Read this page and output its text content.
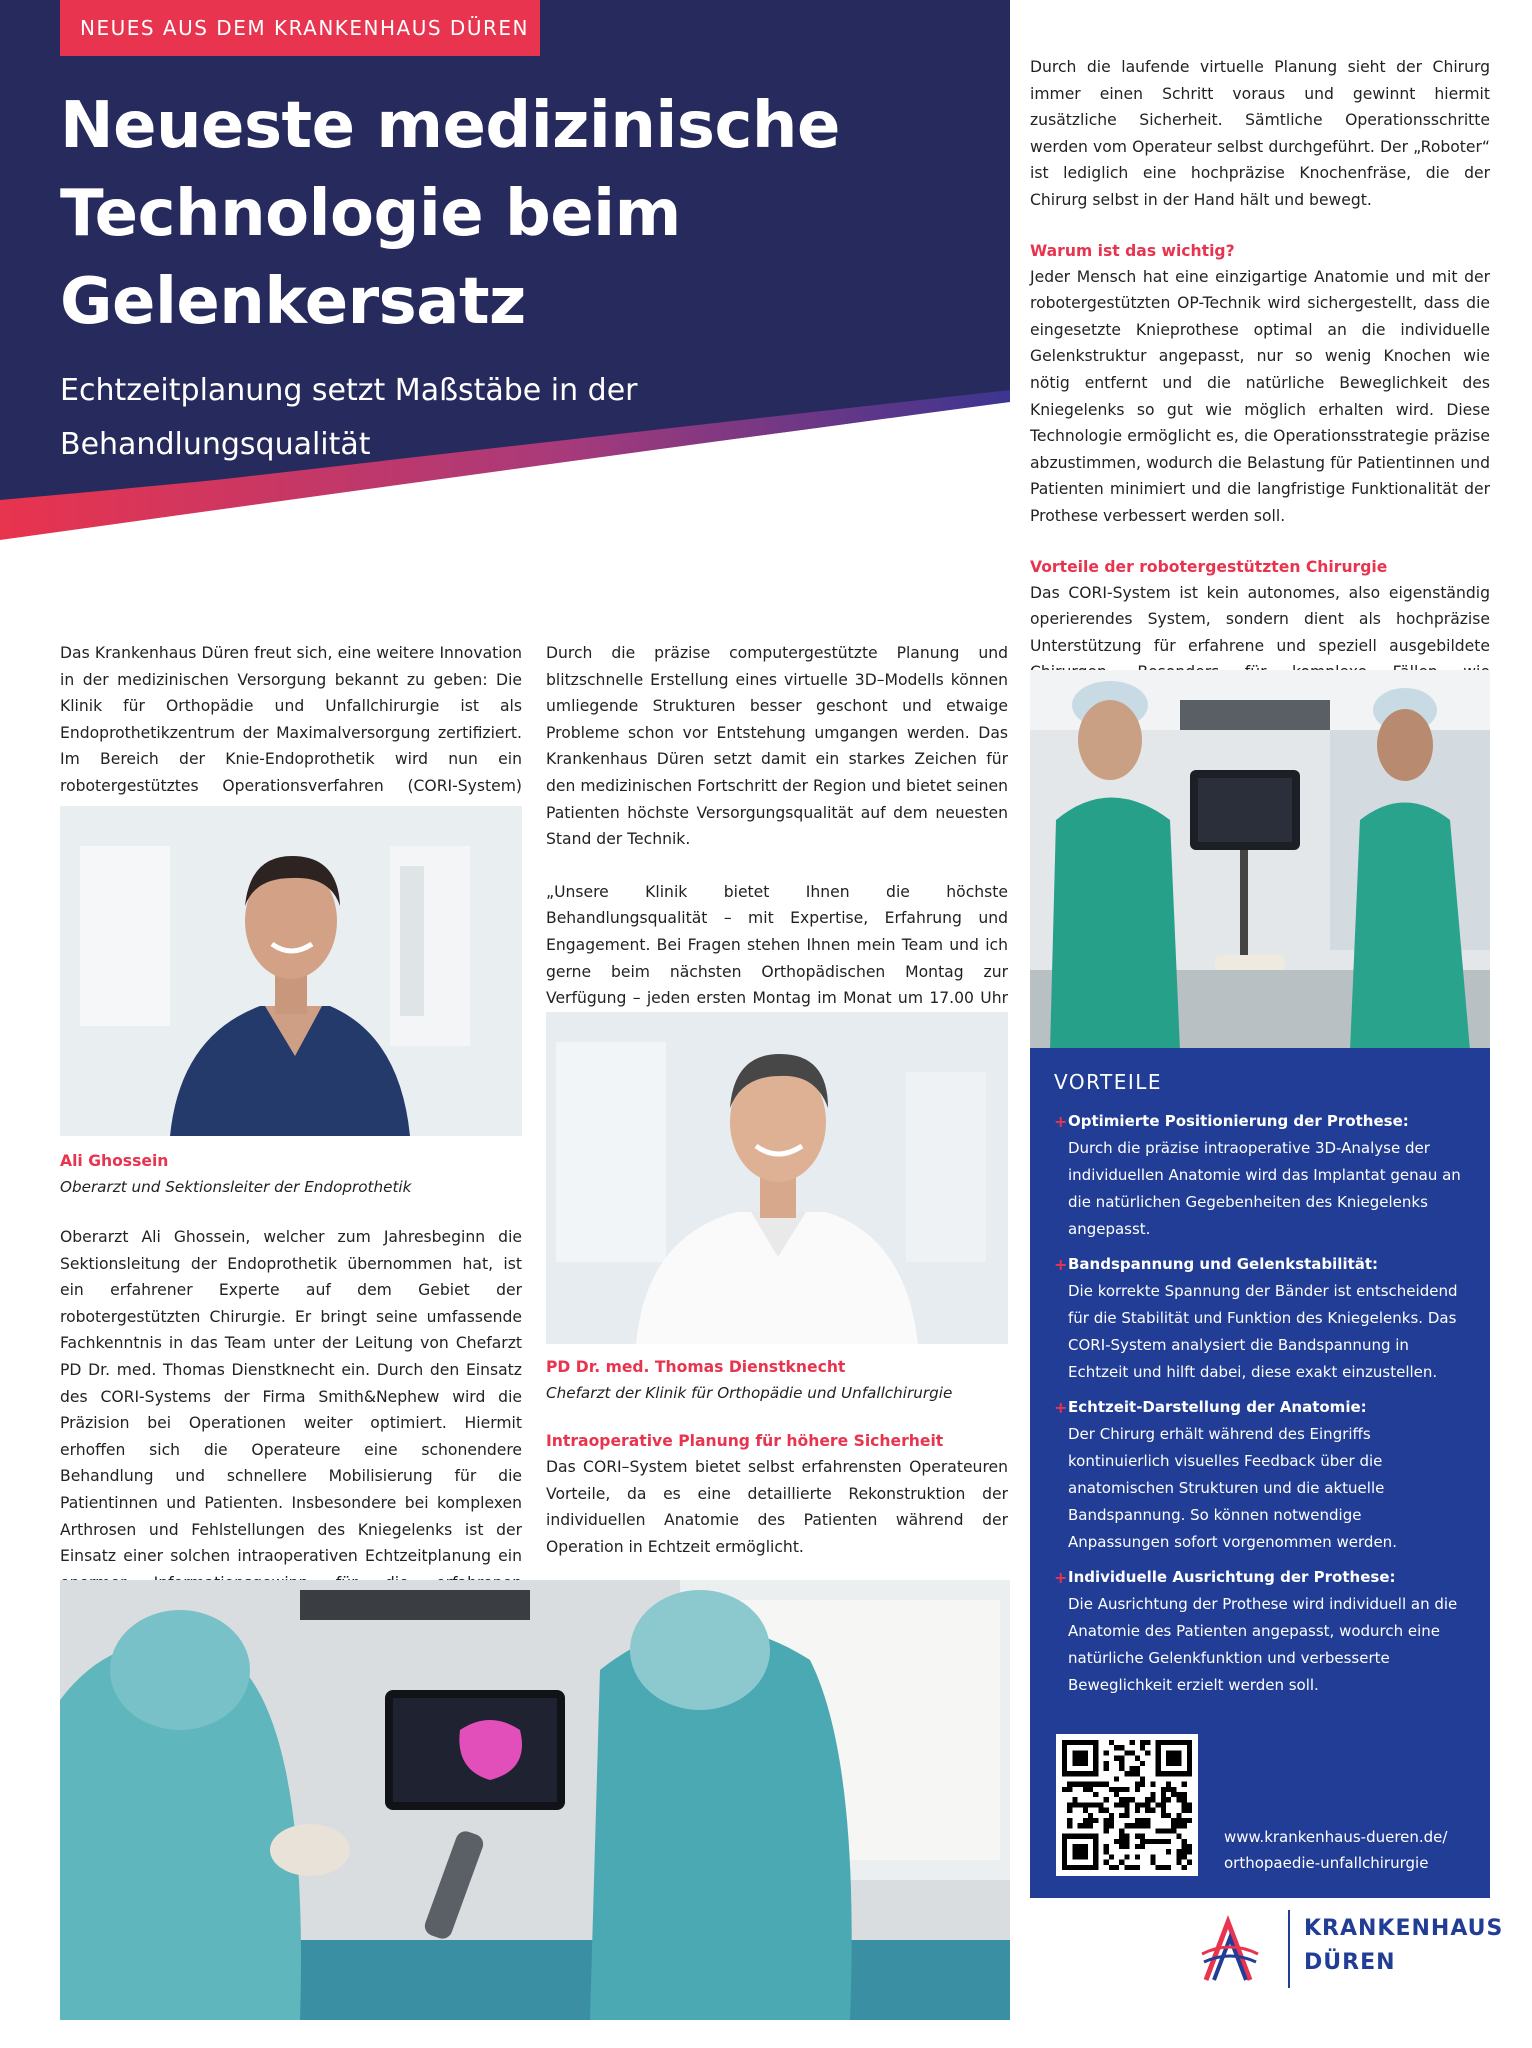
NEUES AUS DEM KRANKENHAUS DÜREN
Neueste medizinische
Technologie beim
Gelenkersatz
Echtzeitplanung setzt Maßstäbe in der
Behandlungsqualität

Das Krankenhaus Düren freut sich, eine weitere Innovation in der medizinischen Versorgung bekannt zu geben: Die Klinik für Orthopädie und Unfallchirurgie ist als Endoprothetikzentrum der Maximalversorgung zertifiziert. Im Bereich der Knie-Endoprothetik wird nun ein robotergestütztes Operationsverfahren (CORI-System)

Ali Ghossein
Oberarzt und Sektionsleiter der Endoprothetik

Oberarzt Ali Ghossein, welcher zum Jahresbeginn die Sektionsleitung der Endoprothetik übernommen hat, ist ein erfahrener Experte auf dem Gebiet der robotergestützten Chirurgie. Er bringt seine umfassende Fachkenntnis in das Team unter der Leitung von Chefarzt PD Dr. med. Thomas Dienstknecht ein. Durch den Einsatz des CORI-Systems der Firma Smith&Nephew wird die Präzision bei Operationen weiter optimiert. Hiermit erhoffen sich die Operateure eine schonendere Behandlung und schnellere Mobilisierung für die Patientinnen und Patienten. Insbesondere bei komplexen Arthrosen und Fehlstellungen des Kniegelenks ist der Einsatz einer solchen intraoperativen Echtzeitplanung ein

Durch die präzise computergestützte Planung und blitzschnelle Erstellung eines virtuelle 3D–Modells können umliegende Strukturen besser geschont und etwaige Probleme schon vor Entstehung umgangen werden. Das Krankenhaus Düren setzt damit ein starkes Zeichen für den medizinischen Fortschritt der Region und bietet seinen Patienten höchste Versorgungsqualität auf dem neuesten Stand der Technik.

„Unsere Klinik bietet Ihnen die höchste Behandlungsqualität – mit Expertise, Erfahrung und Engagement. Bei Fragen stehen Ihnen mein Team und ich gerne beim nächsten Orthopädischen Montag zur Verfügung – jeden ersten Montag im Monat um 17.00 Uhr

PD Dr. med. Thomas Dienstknecht
Chefarzt der Klinik für Orthopädie und Unfallchirurgie
Intraoperative Planung für höhere Sicherheit

Das CORI–System bietet selbst erfahrensten Operateuren Vorteile, da es eine detaillierte Rekonstruktion der individuellen Anatomie des Patienten während der Operation in Echtzeit ermöglicht.

Durch die laufende virtuelle Planung sieht der Chirurg immer einen Schritt voraus und gewinnt hiermit zusätzliche Sicherheit. Sämtliche Operationsschritte werden vom Operateur selbst durchgeführt. Der „Roboter“ ist lediglich eine hochpräzise Knochenfräse, die der Chirurg selbst in der Hand hält und bewegt.

Warum ist das wichtig?

Jeder Mensch hat eine einzigartige Anatomie und mit der robotergestützten OP-Technik wird sichergestellt, dass die eingesetzte Knieprothese optimal an die individuelle Gelenkstruktur angepasst, nur so wenig Knochen wie nötig entfernt und die natürliche Beweglichkeit des Kniegelenks so gut wie möglich erhalten wird. Diese Technologie ermöglicht es, die Operationsstrategie präzise abzustimmen, wodurch die Belastung für Patientinnen und Patienten minimiert und die langfristige Funktionalität der Prothese verbessert werden soll.

Vorteile der robotergestützten Chirurgie

Das CORI-System ist kein autonomes, also eigenständig operierendes System, sondern dient als hochpräzise Unterstützung für erfahrene und speziell ausgebildete

VORTEILE
+ Optimierte Positionierung der Prothese:
Durch die präzise intraoperative 3D-Analyse der individuellen Anatomie wird das Implantat genau an die natürlichen Gegebenheiten des Kniegelenks angepasst.
+ Bandspannung und Gelenkstabilität:
Die korrekte Spannung der Bänder ist entscheidend für die Stabilität und Funktion des Kniegelenks. Das CORI-System analysiert die Bandspannung in Echtzeit und hilft dabei, diese exakt einzustellen.
+ Echtzeit-Darstellung der Anatomie:
Der Chirurg erhält während des Eingriffs kontinuierlich visuelles Feedback über die anatomischen Strukturen und die aktuelle Bandspannung. So können notwendige Anpassungen sofort vorgenommen werden.
+ Individuelle Ausrichtung der Prothese:
Die Ausrichtung der Prothese wird individuell an die Anatomie des Patienten angepasst, wodurch eine natürliche Gelenkfunktion und verbesserte Beweglichkeit erzielt werden soll.
www.krankenhaus-dueren.de/
orthopaedie-unfallchirurgie
KRANKENHAUS
DÜREN
